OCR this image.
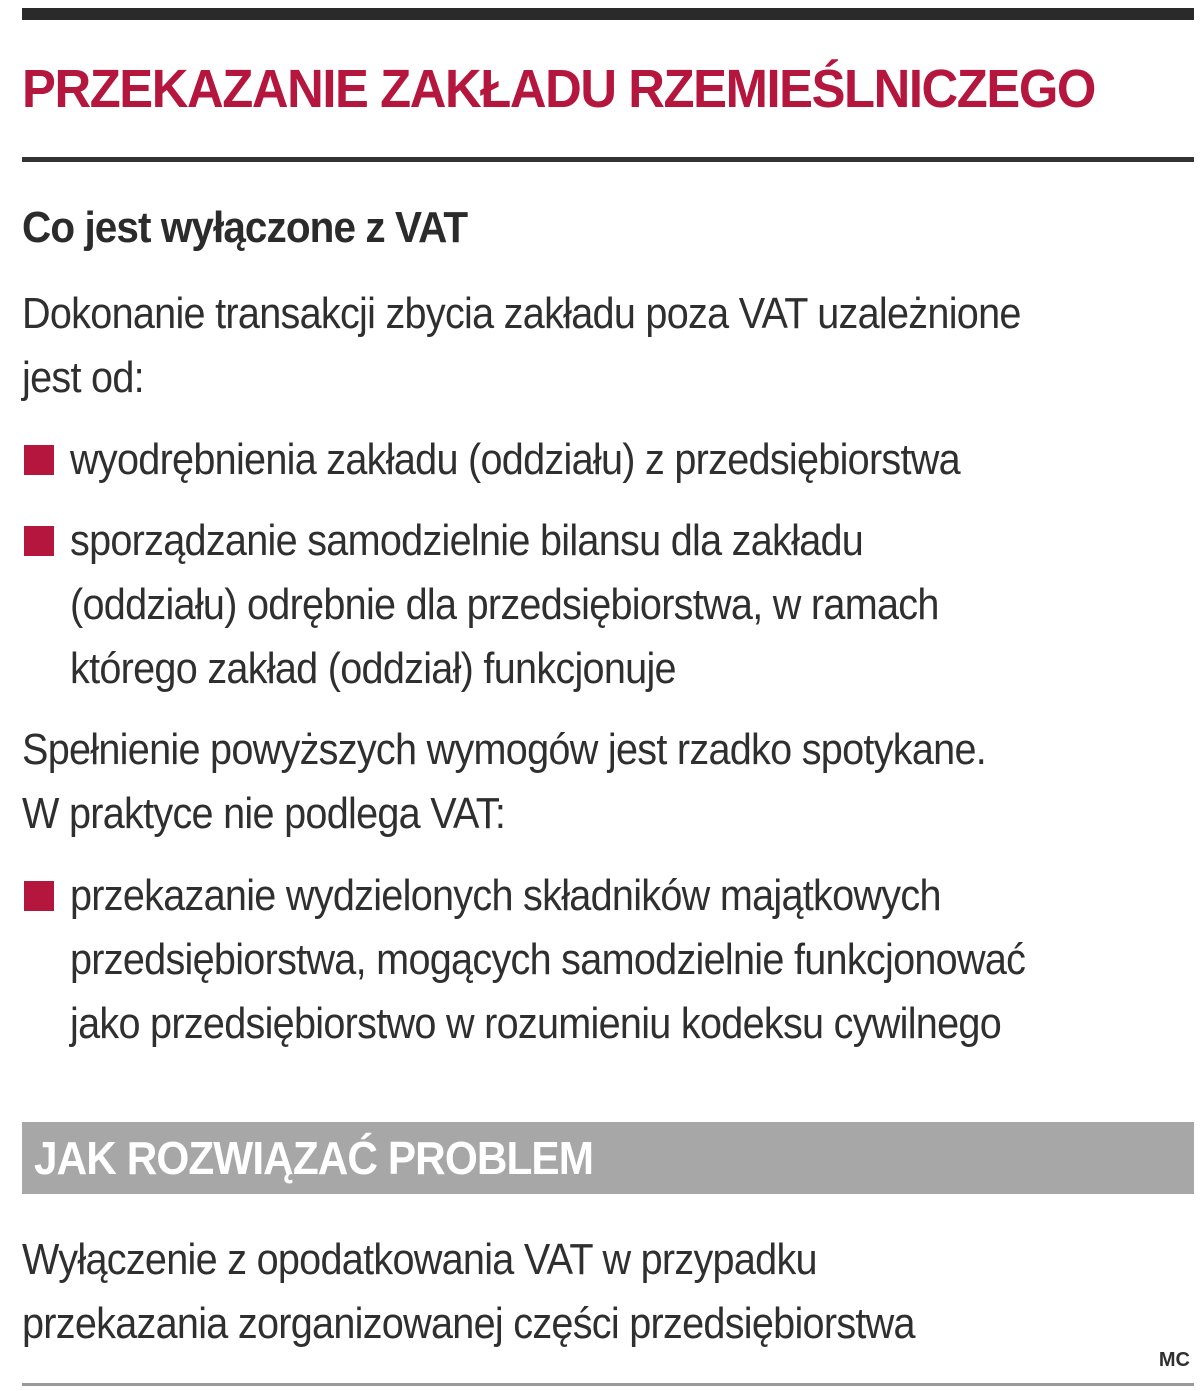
PRZEKAZANIE ZAKŁADU RZEMIEŚLNICZEGO
Co jest wyłączone z VAT
Dokonanie transakcji zbycia zakładu poza VAT uzależnione
jest od:
wyodrębnienia zakładu (oddziału) z przedsiębiorstwa
sporządzanie samodzielnie bilansu dla zakładu
(oddziału) odrębnie dla przedsiębiorstwa, w ramach
którego zakład (oddział) funkcjonuje
Spełnienie powyższych wymogów jest rzadko spotykane.
W praktyce nie podlega VAT:
przekazanie wydzielonych składników majątkowych
przedsiębiorstwa, mogących samodzielnie funkcjonować
jako przedsiębiorstwo w rozumieniu kodeksu cywilnego
JAK ROZWIĄZAĆ PROBLEM
Wyłączenie z opodatkowania VAT w przypadku
przekazania zorganizowanej części przedsiębiorstwa
MC
